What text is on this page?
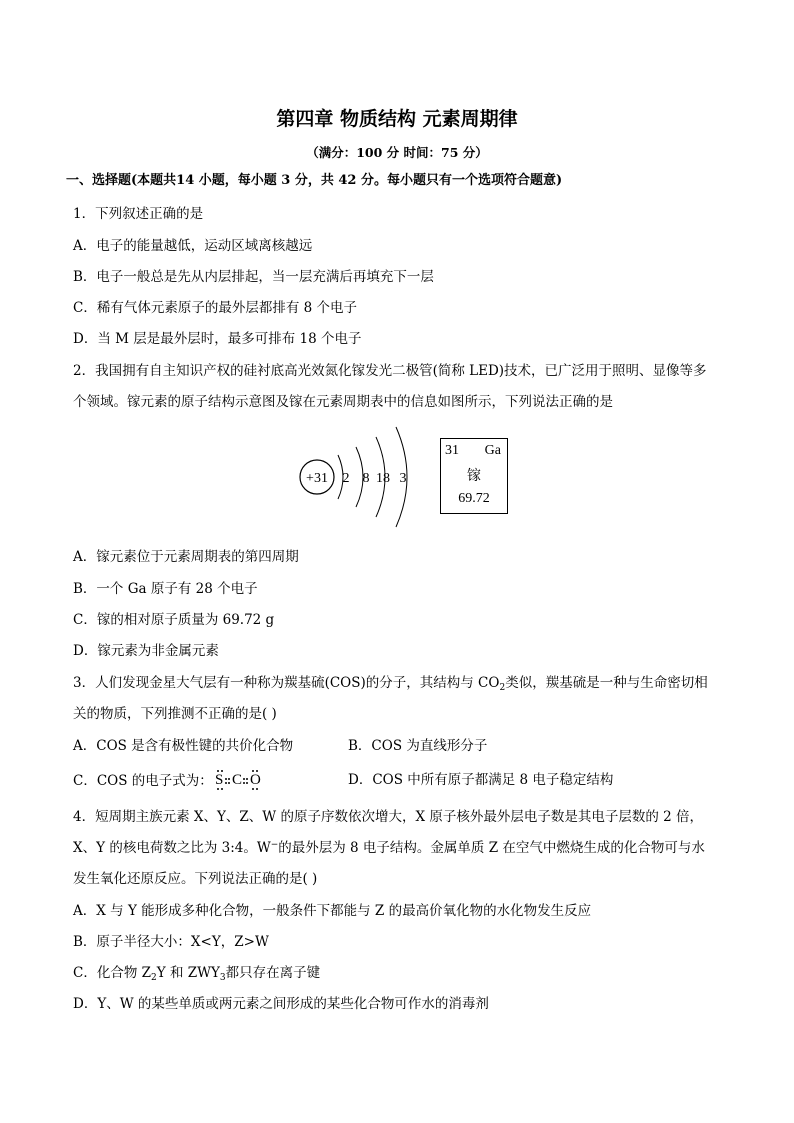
第四章 物质结构 元素周期律
（满分：100 分 时间：75 分）
一、选择题(本题共14 小题，每小题 3 分，共 42 分。每小题只有一个选项符合题意)
1．下列叙述正确的是
A．电子的能量越低，运动区域离核越远
B．电子一般总是先从内层排起，当一层充满后再填充下一层
C．稀有气体元素原子的最外层都排有 8 个电子
D．当 M 层是最外层时，最多可排布 18 个电子
2．我国拥有自主知识产权的硅衬底高光效氮化镓发光二极管(简称 LED)技术，已广泛用于照明、显像等多
个领域。镓元素的原子结构示意图及镓在元素周期表中的信息如图所示，下列说法正确的是
+31 2 8 18 3
31 Ga
镓
69.72
A．镓元素位于元素周期表的第四周期
B．一个 Ga 原子有 28 个电子
C．镓的相对原子质量为 69.72 g
D．镓元素为非金属元素
3．人们发现金星大气层有一种称为羰基硫(COS)的分子，其结构与 $CO_2$类似，羰基硫是一种与生命密切相
关的物质，下列推测不正确的是( )
A．COS 是含有极性键的共价化合物	B．COS 为直线形分子
C．COS 的电子式为： S C O	D．COS 中所有原子都满足 8 电子稳定结构
4．短周期主族元素 X、Y、Z、W 的原子序数依次增大，X 原子核外最外层电子数是其电子层数的 2 倍，
X、Y 的核电荷数之比为 3:4。W−的最外层为 8 电子结构。金属单质 Z 在空气中燃烧生成的化合物可与水
发生氧化还原反应。下列说法正确的是( )
A．X 与 Y 能形成多种化合物，一般条件下都能与 Z 的最高价氧化物的水化物发生反应
B．原子半径大小：X<Y，Z>W
C．化合物 $Z_2Y$ 和 $ZWY_3$都只存在离子键
D．Y、W 的某些单质或两元素之间形成的某些化合物可作水的消毒剂
